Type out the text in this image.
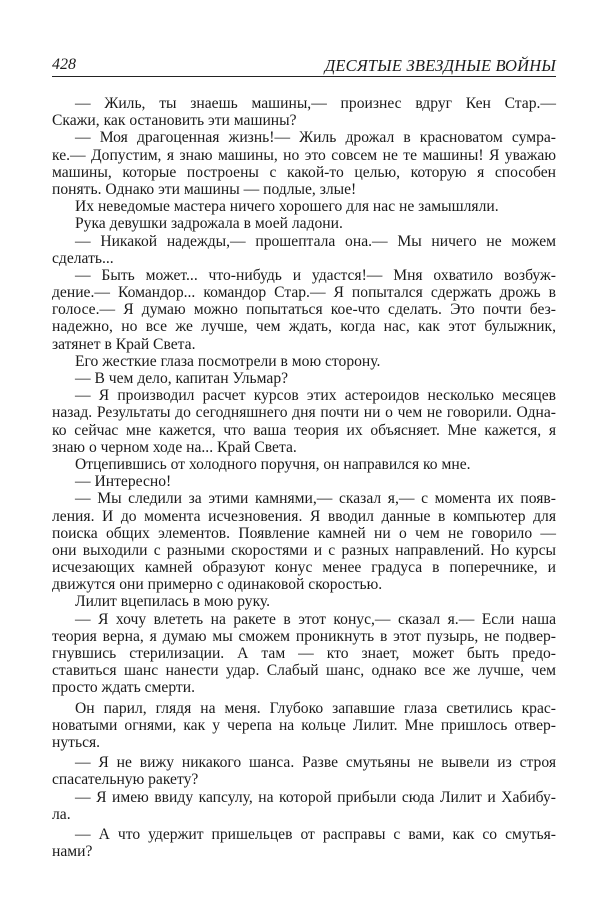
428	ДЕСЯТЫЕ ЗВЕЗДНЫЕ ВОЙНЫ
— Жиль, ты знаешь машины,— произнес вдруг Кен Стар.—
Скажи, как остановить эти машины?
— Моя драгоценная жизнь!— Жиль дрожал в красноватом сумра-
ке.— Допустим, я знаю машины, но это совсем не те машины! Я уважаю
машины, которые построены с какой-то целью, которую я способен
понять. Однако эти машины — подлые, злые!
Их неведомые мастера ничего хорошего для нас не замышляли.
Рука девушки задрожала в моей ладони.
— Никакой надежды,— прошептала она.— Мы ничего не можем
сделать...
— Быть может... что-нибудь и удастся!— Мня охватило возбуж-
дение.— Командор... командор Стар.— Я попытался сдержать дрожь в
голосе.— Я думаю можно попытаться кое-что сделать. Это почти без-
надежно, но все же лучше, чем ждать, когда нас, как этот булыжник,
затянет в Край Света.
Его жесткие глаза посмотрели в мою сторону.
— В чем дело, капитан Ульмар?
— Я производил расчет курсов этих астероидов несколько месяцев
назад. Результаты до сегодняшнего дня почти ни о чем не говорили. Одна-
ко сейчас мне кажется, что ваша теория их объясняет. Мне кажется, я
знаю о черном ходе на... Край Света.
Отцепившись от холодного поручня, он направился ко мне.
— Интересно!
— Мы следили за этими камнями,— сказал я,— с момента их появ-
ления. И до момента исчезновения. Я вводил данные в компьютер для
поиска общих элементов. Появление камней ни о чем не говорило —
они выходили с разными скоростями и с разных направлений. Но курсы
исчезающих камней образуют конус менее градуса в поперечнике, и
движутся они примерно с одинаковой скоростью.
Лилит вцепилась в мою руку.
— Я хочу влететь на ракете в этот конус,— сказал я.— Если наша
теория верна, я думаю мы сможем проникнуть в этот пузырь, не подвер-
гнувшись стерилизации. А там — кто знает, может быть предо-
ставиться шанс нанести удар. Слабый шанс, однако все же лучше, чем
просто ждать смерти.
Он парил, глядя на меня. Глубоко запавшие глаза светились крас-
новатыми огнями, как у черепа на кольце Лилит. Мне пришлось отвер-
нуться.
— Я не вижу никакого шанса. Разве смутьяны не вывели из строя
спасательную ракету?
— Я имею ввиду капсулу, на которой прибыли сюда Лилит и Хабибу-
ла.
— А что удержит пришельцев от расправы с вами, как со смутья-
нами?
